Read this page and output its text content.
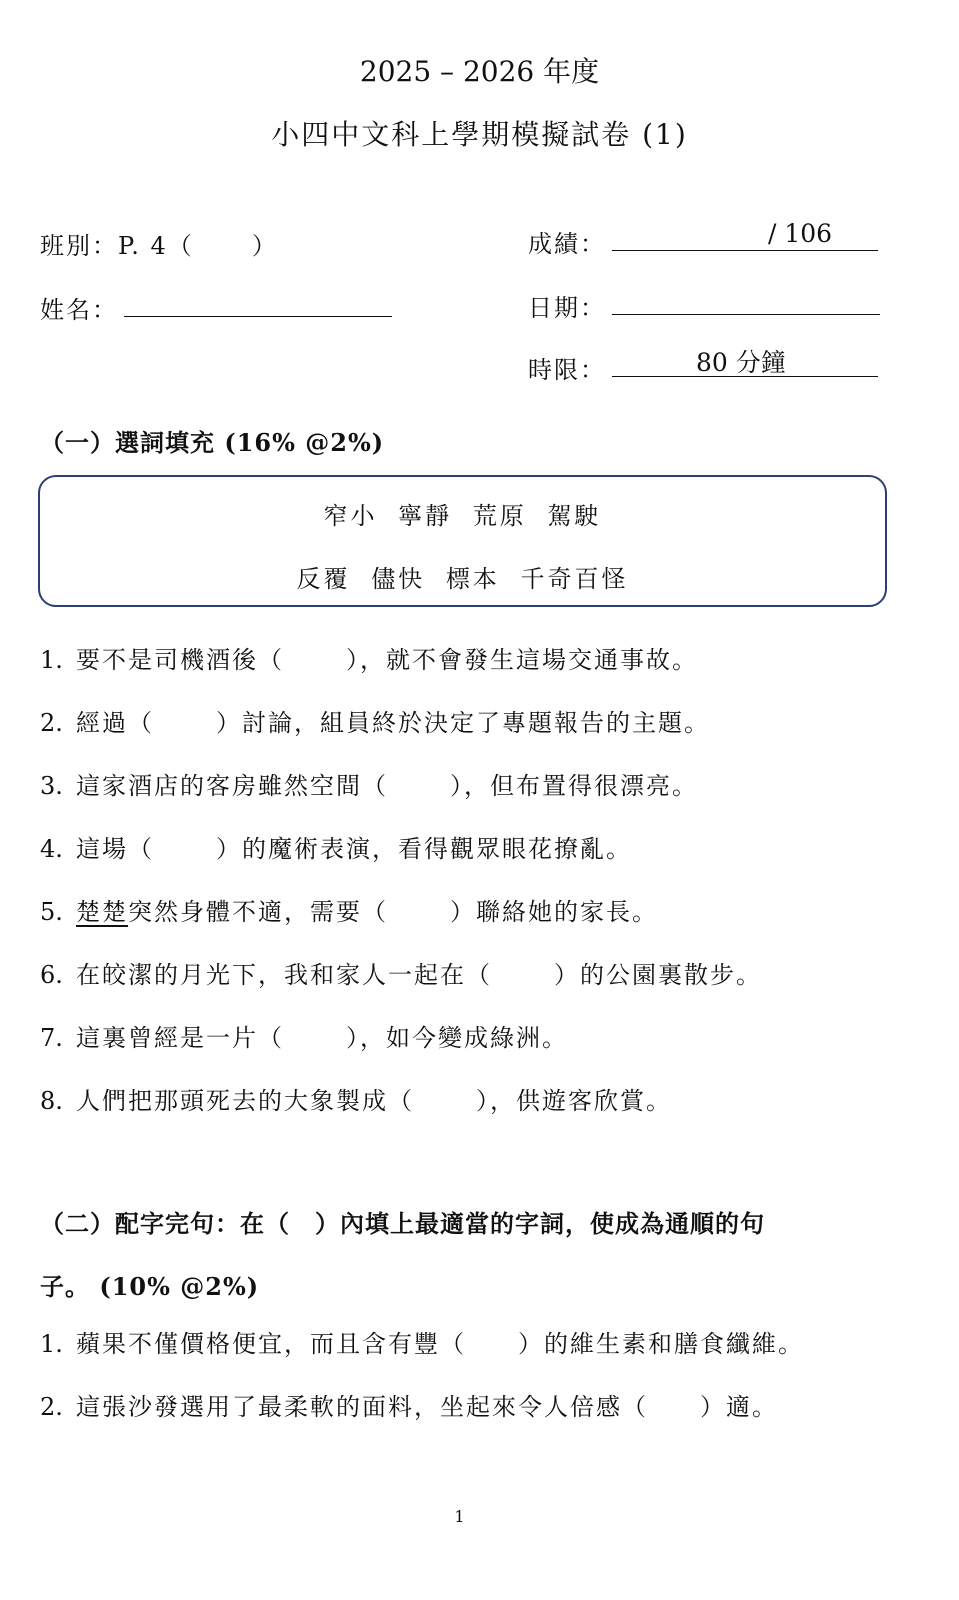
2025 – 2026 年度
小四中文科上學期模擬試卷 (1)
班別：P. 4（ ）
姓名：
成績：	/ 106
日期：
時限：	80 分鐘
（一）選詞填充 (16% @2%)
窄小 寧靜 荒原 駕駛
反覆 儘快 標本 千奇百怪
1. 要不是司機酒後（	），就不會發生這場交通事故。
2. 經過（	）討論，組員終於決定了專題報告的主題。
3. 這家酒店的客房雖然空間（	），但布置得很漂亮。
4. 這場（	）的魔術表演，看得觀眾眼花撩亂。
5. 楚楚突然身體不適，需要（	）聯絡她的家長。
6. 在皎潔的月光下，我和家人一起在（	）的公園裏散步。
7. 這裏曾經是一片（	），如今變成綠洲。
8. 人們把那頭死去的大象製成（	），供遊客欣賞。
（二）配字完句：在（　）內填上最適當的字詞，使成為通順的句
子。 (10% @2%)
1. 蘋果不僅價格便宜，而且含有豐（ ）的維生素和膳食纖維。
2. 這張沙發選用了最柔軟的面料，坐起來令人倍感（ ）適。
1
